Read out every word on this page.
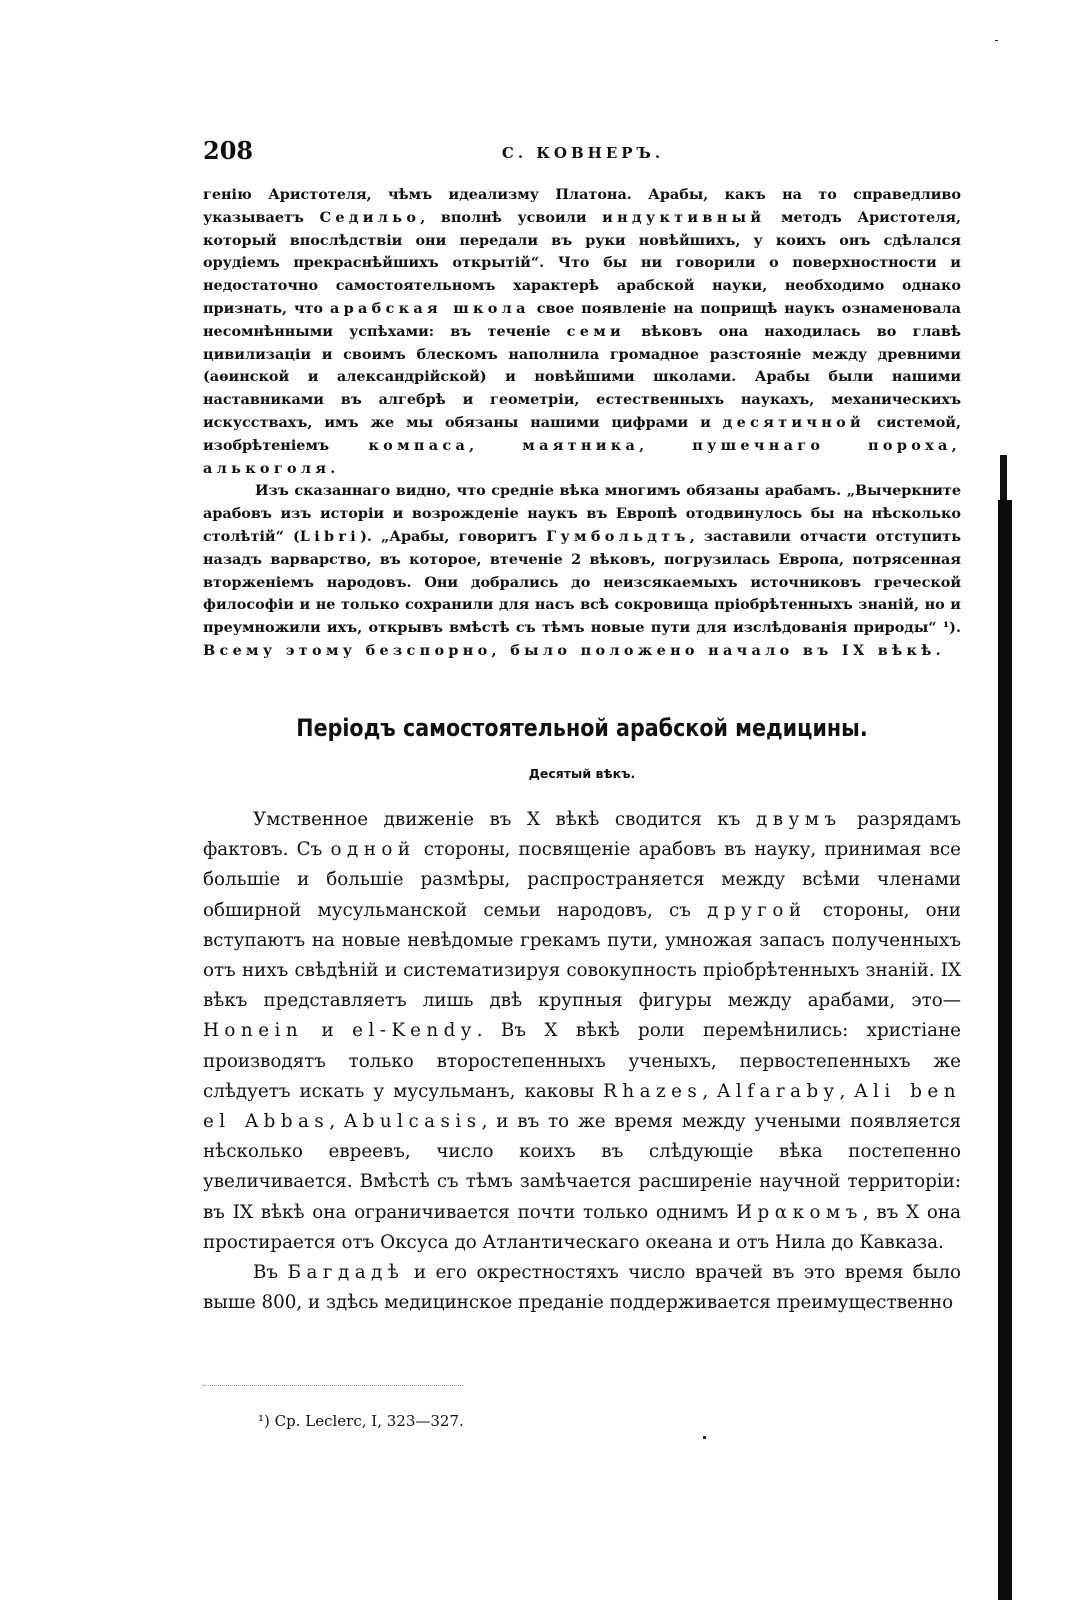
208	С. КОВНЕРЪ.

генію Аристотеля, чѣмъ идеализму Платона. Арабы, какъ на то справедливо указываетъ Седильо, вполнѣ усвоили индуктивный методъ Аристотеля, который впослѣдствіи они передали въ руки новѣйшихъ, у коихъ онъ сдѣлался орудіемъ прекраснѣйшихъ открытій“. Что бы ни говорили о поверхностности и недостаточно самостоятельномъ характерѣ арабской науки, необходимо однако признать, что арабская школа свое появленіе на поприщѣ наукъ ознаменовала несомнѣнными успѣхами: въ теченіе семи вѣковъ она находилась во главѣ цивилизаціи и своимъ блескомъ наполнила громадное разстояніе между древними (аѳинской и александрійской) и новѣйшими школами. Арабы были нашими наставниками въ алгебрѣ и геометріи, естественныхъ наукахъ, механическихъ искусствахъ, имъ же мы обязаны нашими цифрами и десятичной системой, изобрѣтеніемъ компаса, маятника, пушечнаго пороха, алькоголя.

Изъ сказаннаго видно, что средніе вѣка многимъ обязаны арабамъ. „Вычеркните арабовъ изъ исторіи и возрожденіе наукъ въ Европѣ отодвинулось бы на нѣсколько столѣтій“ (Libri). „Арабы, говоритъ Гумбольдтъ, заставили отчасти отступить назадъ варварство, въ которое, втеченіе 2 вѣковъ, погрузилась Европа, потрясенная вторженіемъ народовъ. Они добрались до неизсякаемыхъ источниковъ греческой философіи и не только сохранили для насъ всѣ сокровища пріобрѣтенныхъ знаній, но и преумножили ихъ, открывъ вмѣстѣ съ тѣмъ новые пути для изслѣдованія природы“ ¹). Всему этому безспорно, было положено начало въ IX вѣкѣ.

Періодъ самостоятельной арабской медицины.
Десятый вѣкъ.

Умственное движеніе въ X вѣкѣ сводится къ двумъ разрядамъ фактовъ. Съ одной стороны, посвященіе арабовъ въ науку, принимая все большіе и большіе размѣры, распространяется между всѣми членами обширной мусульманской семьи народовъ, съ другой стороны, они вступаютъ на новые невѣдомые грекамъ пути, умножая запасъ полученныхъ отъ нихъ свѣдѣній и систематизируя совокупность пріобрѣтенныхъ знаній. IX вѣкъ представляетъ лишь двѣ крупныя фигуры между арабами, это—Honein и el-Kendy. Въ X вѣкѣ роли перемѣнились: христіане производятъ только второстепенныхъ ученыхъ, первостепенныхъ же слѣдуетъ искать у мусульманъ, каковы Rhazes, Alfaraby, Ali ben el Abbas, Abulcasis, и въ то же время между учеными появляется нѣсколько евреевъ, число коихъ въ слѣдующіе вѣка постепенно увеличивается. Вмѣстѣ съ тѣмъ замѣчается расширеніе научной территоріи: въ IX вѣкѣ она ограничивается почти только однимъ Ирακомъ, въ X она простирается отъ Оксуса до Атлантическаго океана и отъ Нила до Кавказа.

Въ Багдадѣ и его окрестностяхъ число врачей въ это время было выше 800, и здѣсь медицинское преданіе поддерживается преимущественно

¹) Ср. Leclerc, I, 323—327.
